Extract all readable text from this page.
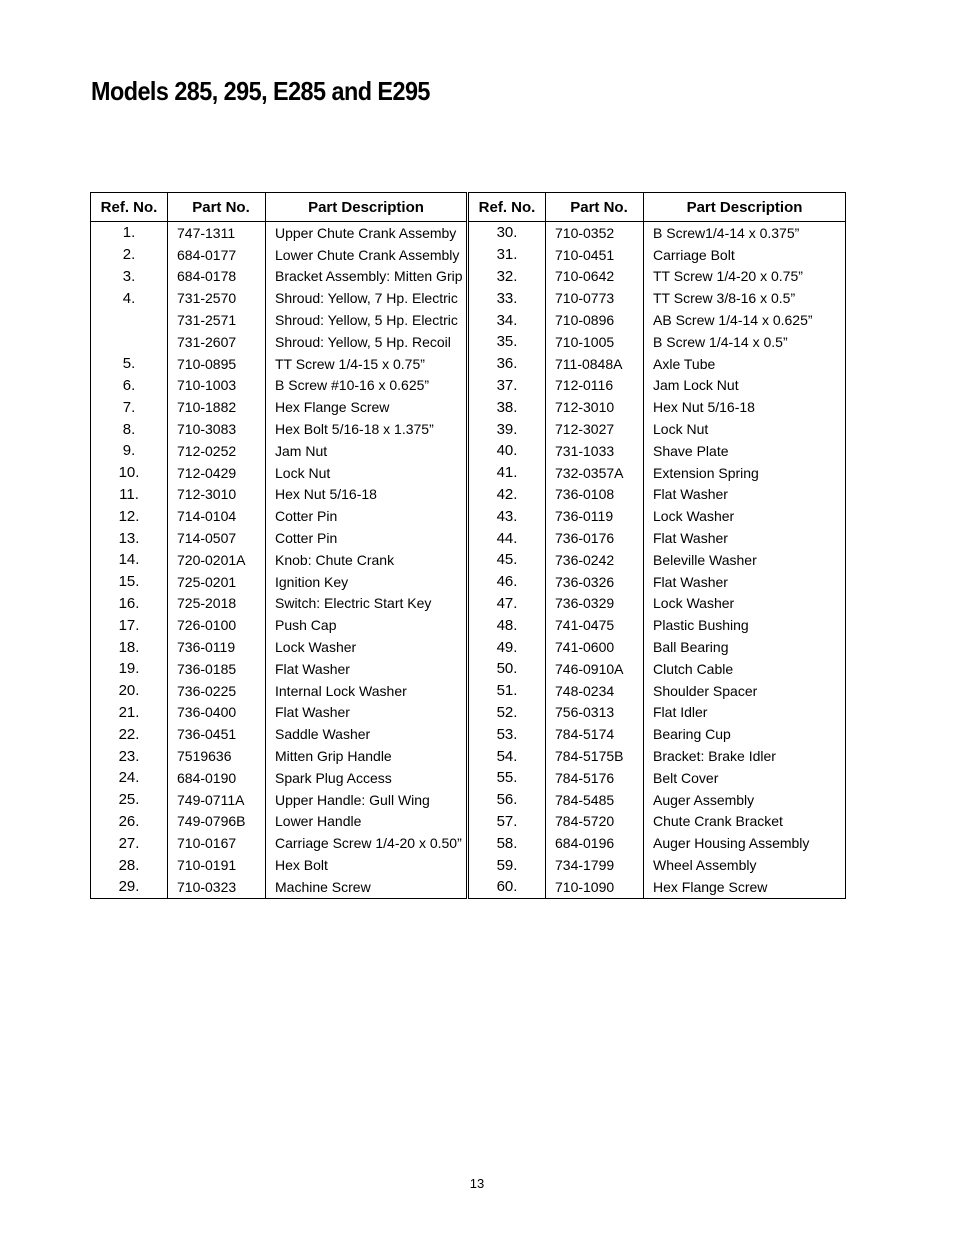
Models 285, 295, E285 and E295
Ref. No.	Part No.	Part Description
1.	747-1311	Upper Chute Crank Assemby
2.	684-0177	Lower Chute Crank Assembly
3.	684-0178	Bracket Assembly: Mitten Grip
4.	731-2570	Shroud: Yellow, 7 Hp. Electric
	731-2571	Shroud: Yellow, 5 Hp. Electric
	731-2607	Shroud: Yellow, 5 Hp. Recoil
5.	710-0895	TT Screw 1/4-15 x 0.75”
6.	710-1003	B Screw #10-16 x 0.625”
7.	710-1882	Hex Flange Screw
8.	710-3083	Hex Bolt 5/16-18 x 1.375”
9.	712-0252	Jam Nut
10.	712-0429	Lock Nut
11.	712-3010	Hex Nut 5/16-18
12.	714-0104	Cotter Pin
13.	714-0507	Cotter Pin
14.	720-0201A	Knob: Chute Crank
15.	725-0201	Ignition Key
16.	725-2018	Switch: Electric Start Key
17.	726-0100	Push Cap
18.	736-0119	Lock Washer
19.	736-0185	Flat Washer
20.	736-0225	Internal Lock Washer
21.	736-0400	Flat Washer
22.	736-0451	Saddle Washer
23.	7519636	Mitten Grip Handle
24.	684-0190	Spark Plug Access
25.	749-0711A	Upper Handle: Gull Wing
26.	749-0796B	Lower Handle
27.	710-0167	Carriage Screw 1/4-20 x 0.50”
28.	710-0191	Hex Bolt
29.	710-0323	Machine Screw
Ref. No.	Part No.	Part Description
30.	710-0352	B Screw1/4-14 x 0.375”
31.	710-0451	Carriage Bolt
32.	710-0642	TT Screw 1/4-20 x 0.75”
33.	710-0773	TT Screw 3/8-16 x 0.5”
34.	710-0896	AB Screw 1/4-14 x 0.625”
35.	710-1005	B Screw 1/4-14 x 0.5”
36.	711-0848A	Axle Tube
37.	712-0116	Jam Lock Nut
38.	712-3010	Hex Nut 5/16-18
39.	712-3027	Lock Nut
40.	731-1033	Shave Plate
41.	732-0357A	Extension Spring
42.	736-0108	Flat Washer
43.	736-0119	Lock Washer
44.	736-0176	Flat Washer
45.	736-0242	Beleville Washer
46.	736-0326	Flat Washer
47.	736-0329	Lock Washer
48.	741-0475	Plastic Bushing
49.	741-0600	Ball Bearing
50.	746-0910A	Clutch Cable
51.	748-0234	Shoulder Spacer
52.	756-0313	Flat Idler
53.	784-5174	Bearing Cup
54.	784-5175B	Bracket: Brake Idler
55.	784-5176	Belt Cover
56.	784-5485	Auger Assembly
57.	784-5720	Chute Crank Bracket
58.	684-0196	Auger Housing Assembly
59.	734-1799	Wheel Assembly
60.	710-1090	Hex Flange Screw
13
